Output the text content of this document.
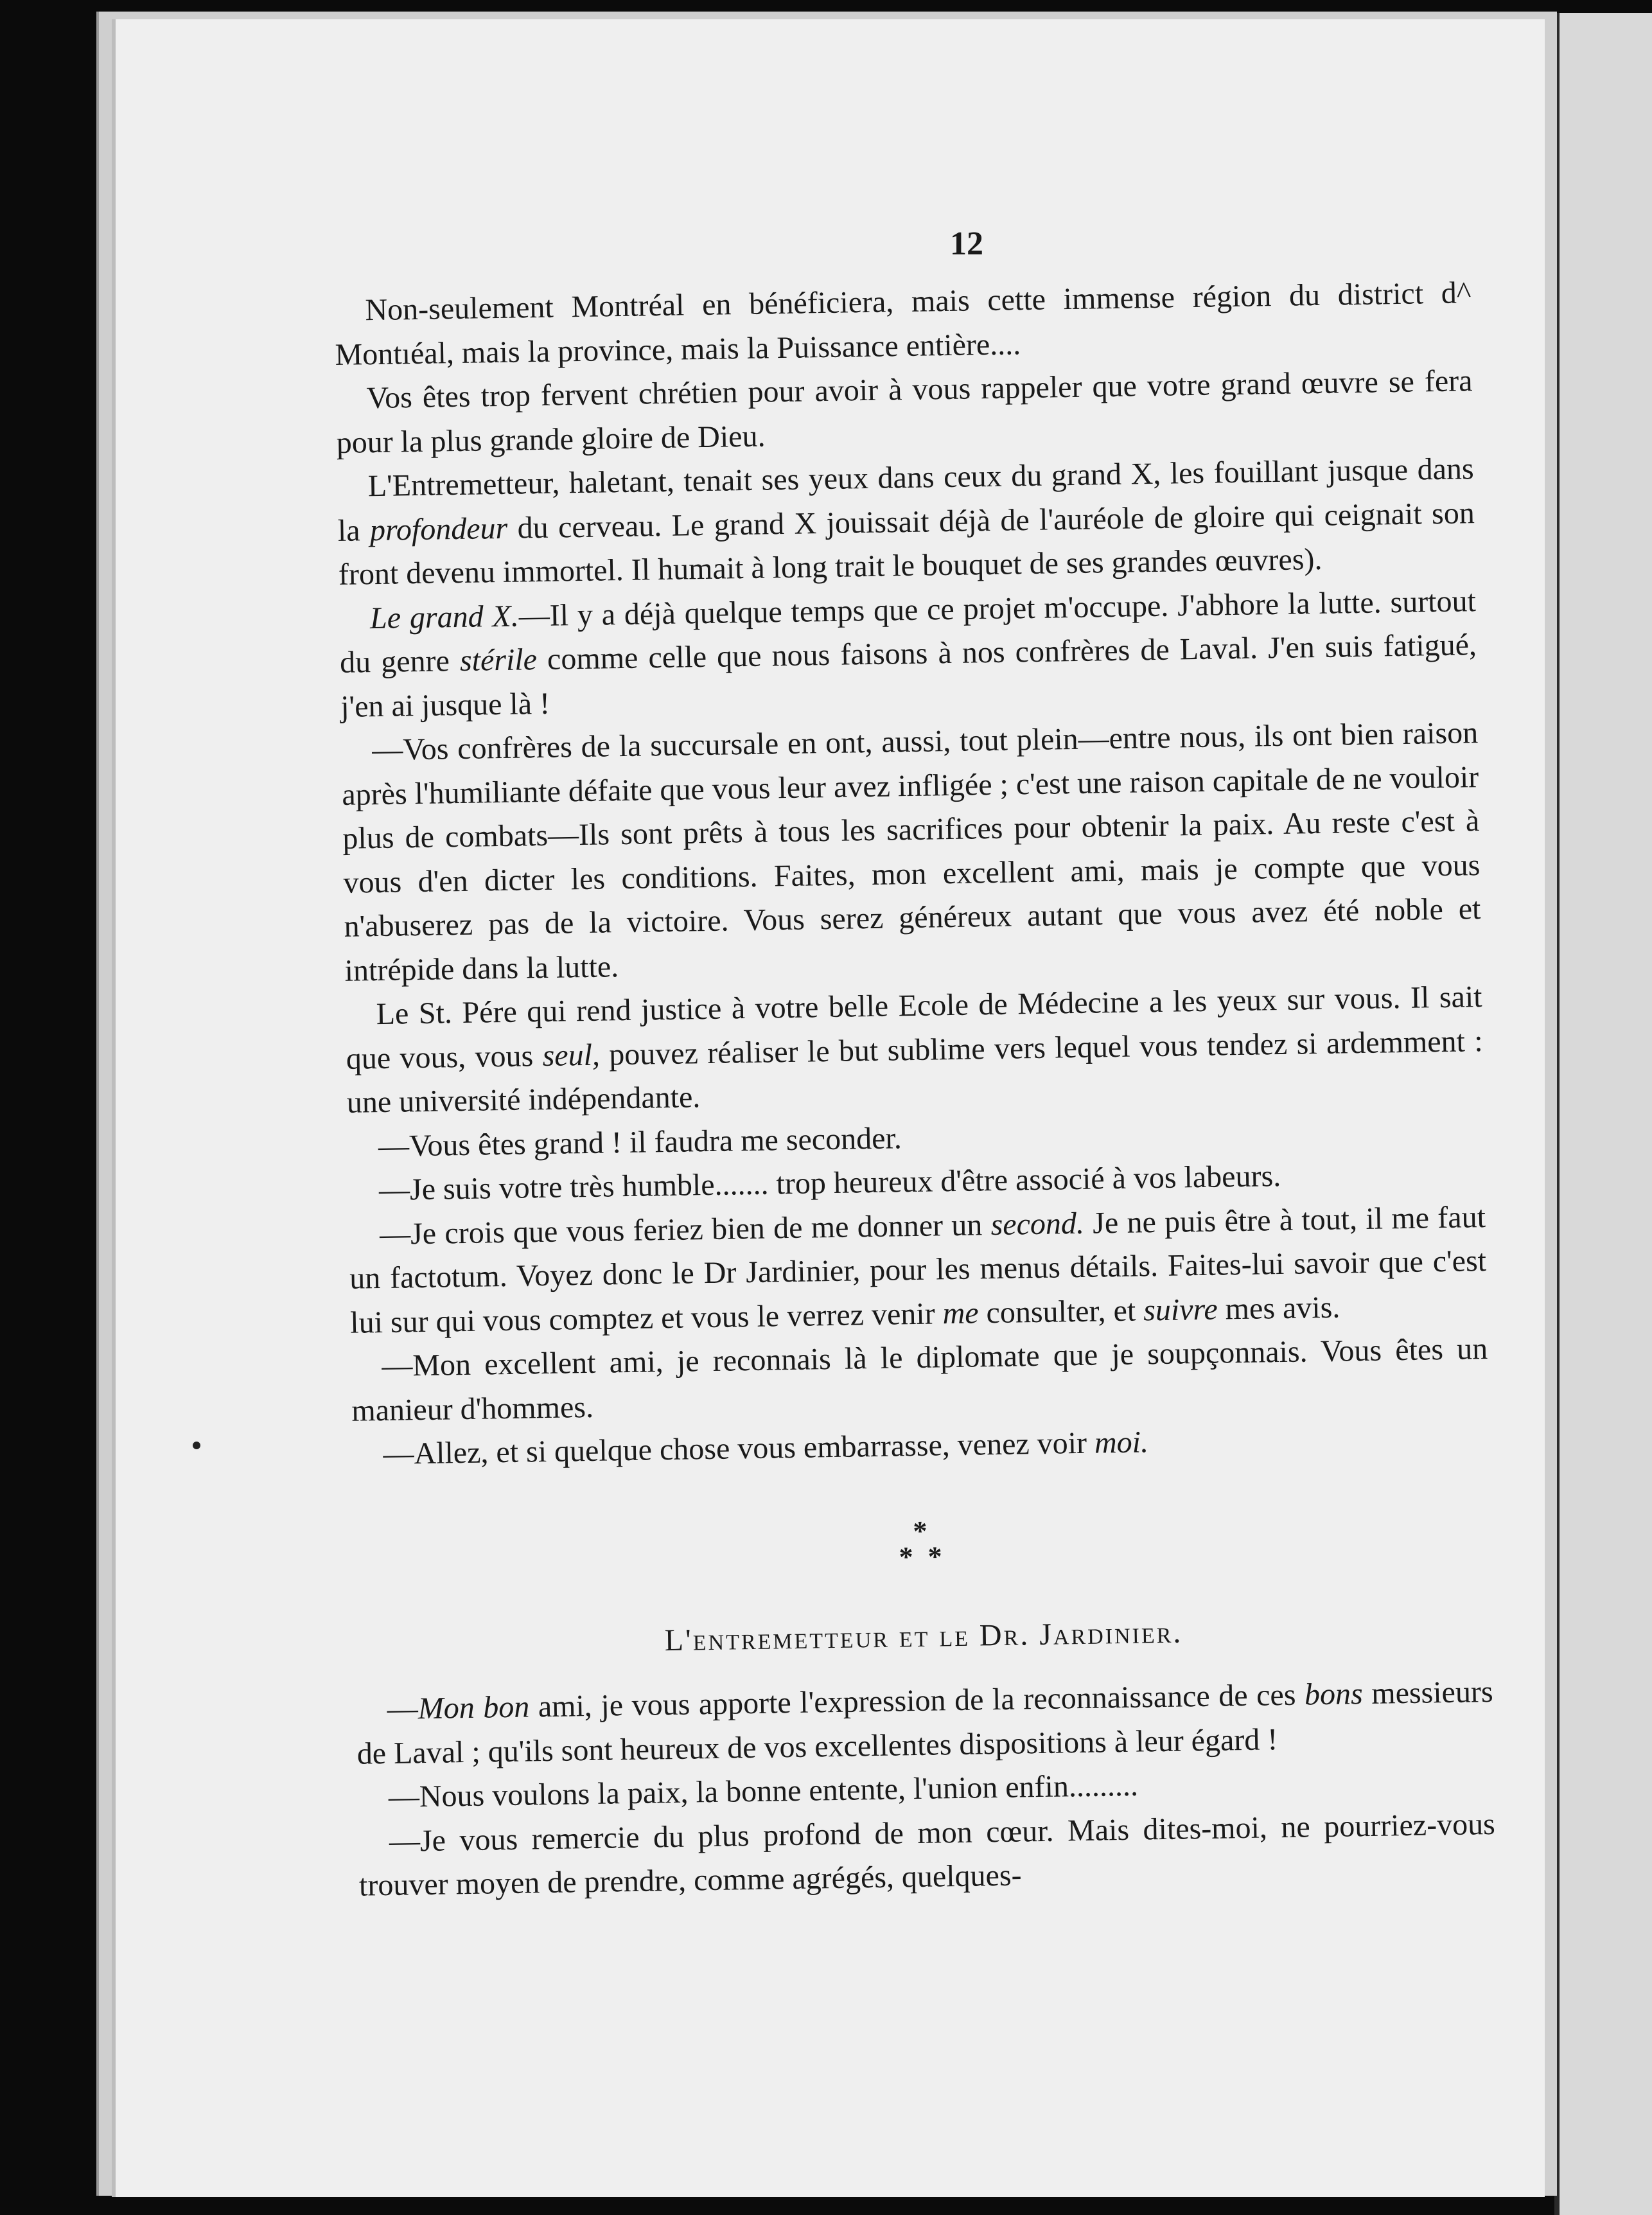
12

Non-seulement Montréal en bénéficiera, mais cette immense région du district d^ Montıéal, mais la province, mais la Puissance entière....

Vos êtes trop fervent chrétien pour avoir à vous rappeler que votre grand œuvre se fera pour la plus grande gloire de Dieu.

L'Entremetteur, haletant, tenait ses yeux dans ceux du grand X, les fouillant jusque dans la profondeur du cerveau. Le grand X jouissait déjà de l'auréole de gloire qui ceignait son front devenu immortel. Il humait à long trait le bouquet de ses grandes œuvres).

Le grand X.—Il y a déjà quelque temps que ce projet m'occupe. J'abhore la lutte. surtout du genre stérile comme celle que nous faisons à nos confrères de Laval. J'en suis fatigué, j'en ai jusque là !

—Vos confrères de la succursale en ont, aussi, tout plein—entre nous, ils ont bien raison après l'humiliante défaite que vous leur avez infligée ; c'est une raison capitale de ne vouloir plus de combats—Ils sont prêts à tous les sacrifices pour obtenir la paix. Au reste c'est à vous d'en dicter les conditions. Faites, mon excellent ami, mais je compte que vous n'abuserez pas de la victoire. Vous serez généreux autant que vous avez été noble et intrépide dans la lutte.

Le St. Pére qui rend justice à votre belle Ecole de Médecine a les yeux sur vous. Il sait que vous, vous seul, pouvez réaliser le but sublime vers lequel vous tendez si ardemment : une université indépendante.

—Vous êtes grand ! il faudra me seconder.

—Je suis votre très humble....... trop heureux d'être associé à vos labeurs.

—Je crois que vous feriez bien de me donner un second. Je ne puis être à tout, il me faut un factotum. Voyez donc le Dr Jardinier, pour les menus détails. Faites-lui savoir que c'est lui sur qui vous comptez et vous le verrez venir me consulter, et suivre mes avis.

—Mon excellent ami, je reconnais là le diplomate que je soupçonnais. Vous êtes un manieur d'hommes.

—Allez, et si quelque chose vous embarrasse, venez voir moi.

*
* *
L'entremetteur et le Dr. Jardinier.

—Mon bon ami, je vous apporte l'expression de la reconnaissance de ces bons messieurs de Laval ; qu'ils sont heureux de vos excellentes dispositions à leur égard !

—Nous voulons la paix, la bonne entente, l'union enfin.........

—Je vous remercie du plus profond de mon cœur. Mais dites-moi, ne pourriez-vous trouver moyen de prendre, comme agrégés, quelques-
